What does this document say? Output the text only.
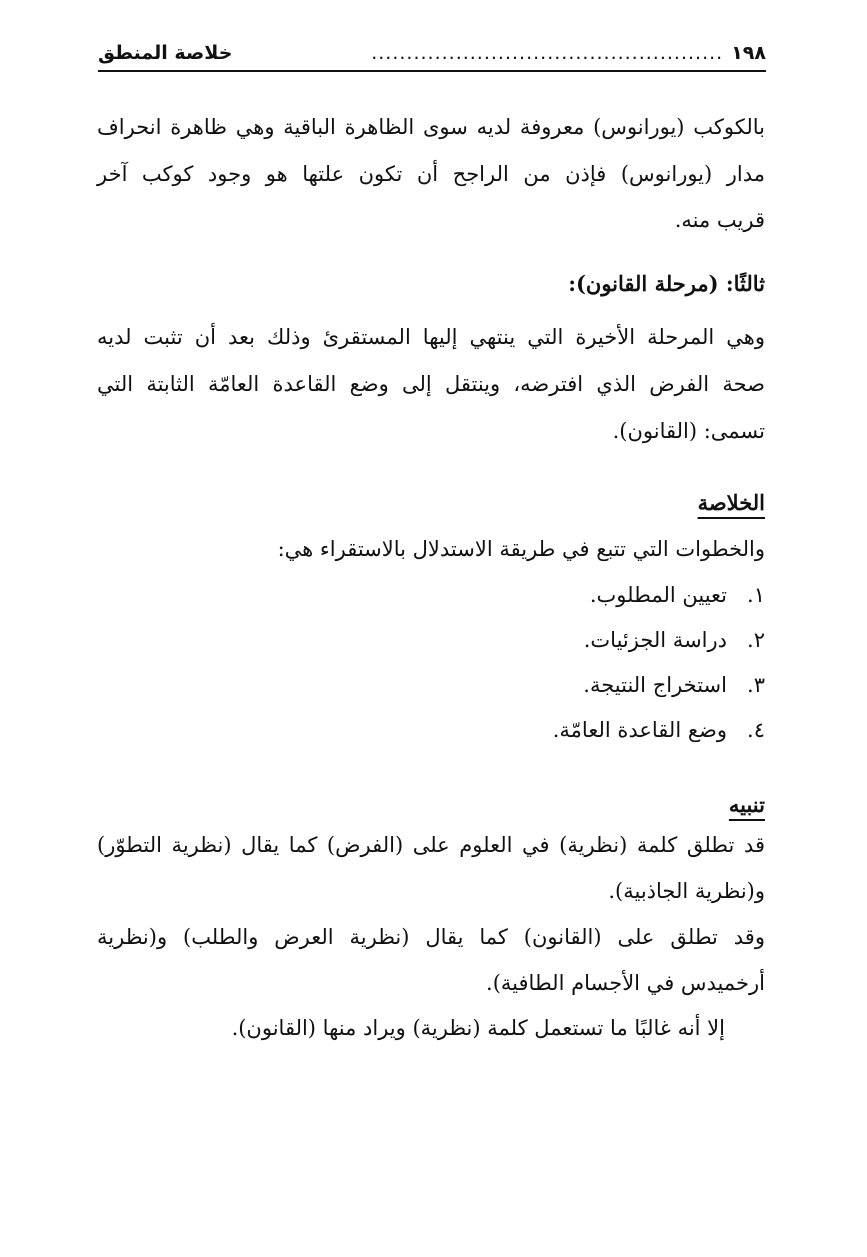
١٩٨
..................................................
خلاصة المنطق
بالكوكب (يورانوس) معروفة لديه سوى الظاهرة الباقية وهي ظاهرة انحراف
مدار (يورانوس) فإذن من الراجح أن تكون علتها هو وجود كوكب آخر
قريب منه.
ثالثًا: (مرحلة القانون):
وهي المرحلة الأخيرة التي ينتهي إليها المستقرئ وذلك بعد أن تثبت لديه
صحة الفرض الذي افترضه، وينتقل إلى وضع القاعدة العامّة الثابتة التي
تسمى: (القانون).
الخلاصة
والخطوات التي تتبع في طريقة الاستدلال بالاستقراء هي:
١.تعيين المطلوب.
٢.دراسة الجزئيات.
٣.استخراج النتيجة.
٤.وضع القاعدة العامّة.
تنبيه
قد تطلق كلمة (نظرية) في العلوم على (الفرض) كما يقال (نظرية التطوّر)
و(نظرية الجاذبية).
وقد تطلق على (القانون) كما يقال (نظرية العرض والطلب) و(نظرية
أرخميدس في الأجسام الطافية).
إلا أنه غالبًا ما تستعمل كلمة (نظرية) ويراد منها (القانون).
